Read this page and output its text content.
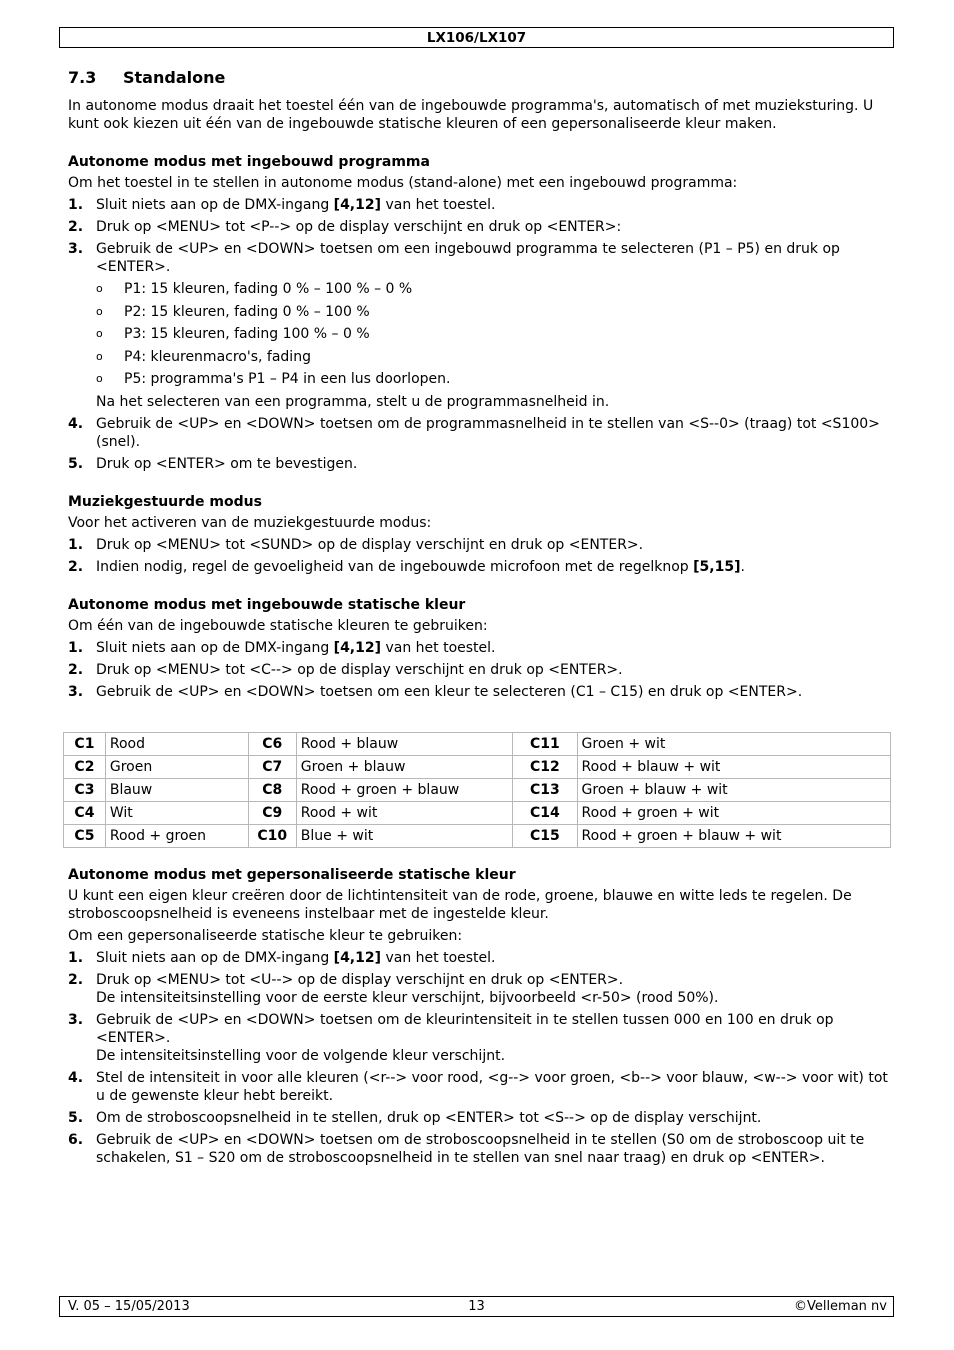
LX106/LX107
7.3 Standalone

In autonome modus draait het toestel één van de ingebouwde programma's, automatisch of met muzieksturing. U kunt ook kiezen uit één van de ingebouwde statische kleuren of een gepersonaliseerde kleur maken.

Autonome modus met ingebouwd programma

Om het toestel in te stellen in autonome modus (stand-alone) met een ingebouwd programma:

1. Sluit niets aan op de DMX-ingang [4,12] van het toestel.
2. Druk op <MENU> tot <P--> op de display verschijnt en druk op <ENTER>:
3. Gebruik de <UP> en <DOWN> toetsen om een ingebouwd programma te selecteren (P1 – P5) en druk op <ENTER>.
o P1: 15 kleuren, fading 0 % – 100 % – 0 %
o P2: 15 kleuren, fading 0 % – 100 %
o P3: 15 kleuren, fading 100 % – 0 %
o P4: kleurenmacro's, fading
o P5: programma's P1 – P4 in een lus doorlopen.
Na het selecteren van een programma, stelt u de programmasnelheid in.
4. Gebruik de <UP> en <DOWN> toetsen om de programmasnelheid in te stellen van <S--0> (traag) tot <S100> (snel).
5. Druk op <ENTER> om te bevestigen.
Muziekgestuurde modus

Voor het activeren van de muziekgestuurde modus:

1. Druk op <MENU> tot <SUND> op de display verschijnt en druk op <ENTER>.
2. Indien nodig, regel de gevoeligheid van de ingebouwde microfoon met de regelknop [5,15].
Autonome modus met ingebouwde statische kleur

Om één van de ingebouwde statische kleuren te gebruiken:

1. Sluit niets aan op de DMX-ingang [4,12] van het toestel.
2. Druk op <MENU> tot <C--> op de display verschijnt en druk op <ENTER>.
3. Gebruik de <UP> en <DOWN> toetsen om een kleur te selecteren (C1 – C15) en druk op <ENTER>.
C1	Rood	C6	Rood + blauw	C11	Groen + wit
C2	Groen	C7	Groen + blauw	C12	Rood + blauw + wit
C3	Blauw	C8	Rood + groen + blauw	C13	Groen + blauw + wit
C4	Wit	C9	Rood + wit	C14	Rood + groen + wit
C5	Rood + groen	C10	Blue + wit	C15	Rood + groen + blauw + wit
Autonome modus met gepersonaliseerde statische kleur

U kunt een eigen kleur creëren door de lichtintensiteit van de rode, groene, blauwe en witte leds te regelen. De stroboscoopsnelheid is eveneens instelbaar met de ingestelde kleur.

Om een gepersonaliseerde statische kleur te gebruiken:

1. Sluit niets aan op de DMX-ingang [4,12] van het toestel.
2. Druk op <MENU> tot <U--> op de display verschijnt en druk op <ENTER>.
De intensiteitsinstelling voor de eerste kleur verschijnt, bijvoorbeeld <r-50> (rood 50%).
3. Gebruik de <UP> en <DOWN> toetsen om de kleurintensiteit in te stellen tussen 000 en 100 en druk op <ENTER>.
De intensiteitsinstelling voor de volgende kleur verschijnt.
4. Stel de intensiteit in voor alle kleuren (<r--> voor rood, <g--> voor groen, <b--> voor blauw, <w--> voor wit) tot u de gewenste kleur hebt bereikt.
5. Om de stroboscoopsnelheid in te stellen, druk op <ENTER> tot <S--> op de display verschijnt.
6. Gebruik de <UP> en <DOWN> toetsen om de stroboscoopsnelheid in te stellen (S0 om de stroboscoop uit te schakelen, S1 – S20 om de stroboscoopsnelheid in te stellen van snel naar traag) en druk op <ENTER>.
V. 05 – 15/05/2013	13	©Velleman nv
